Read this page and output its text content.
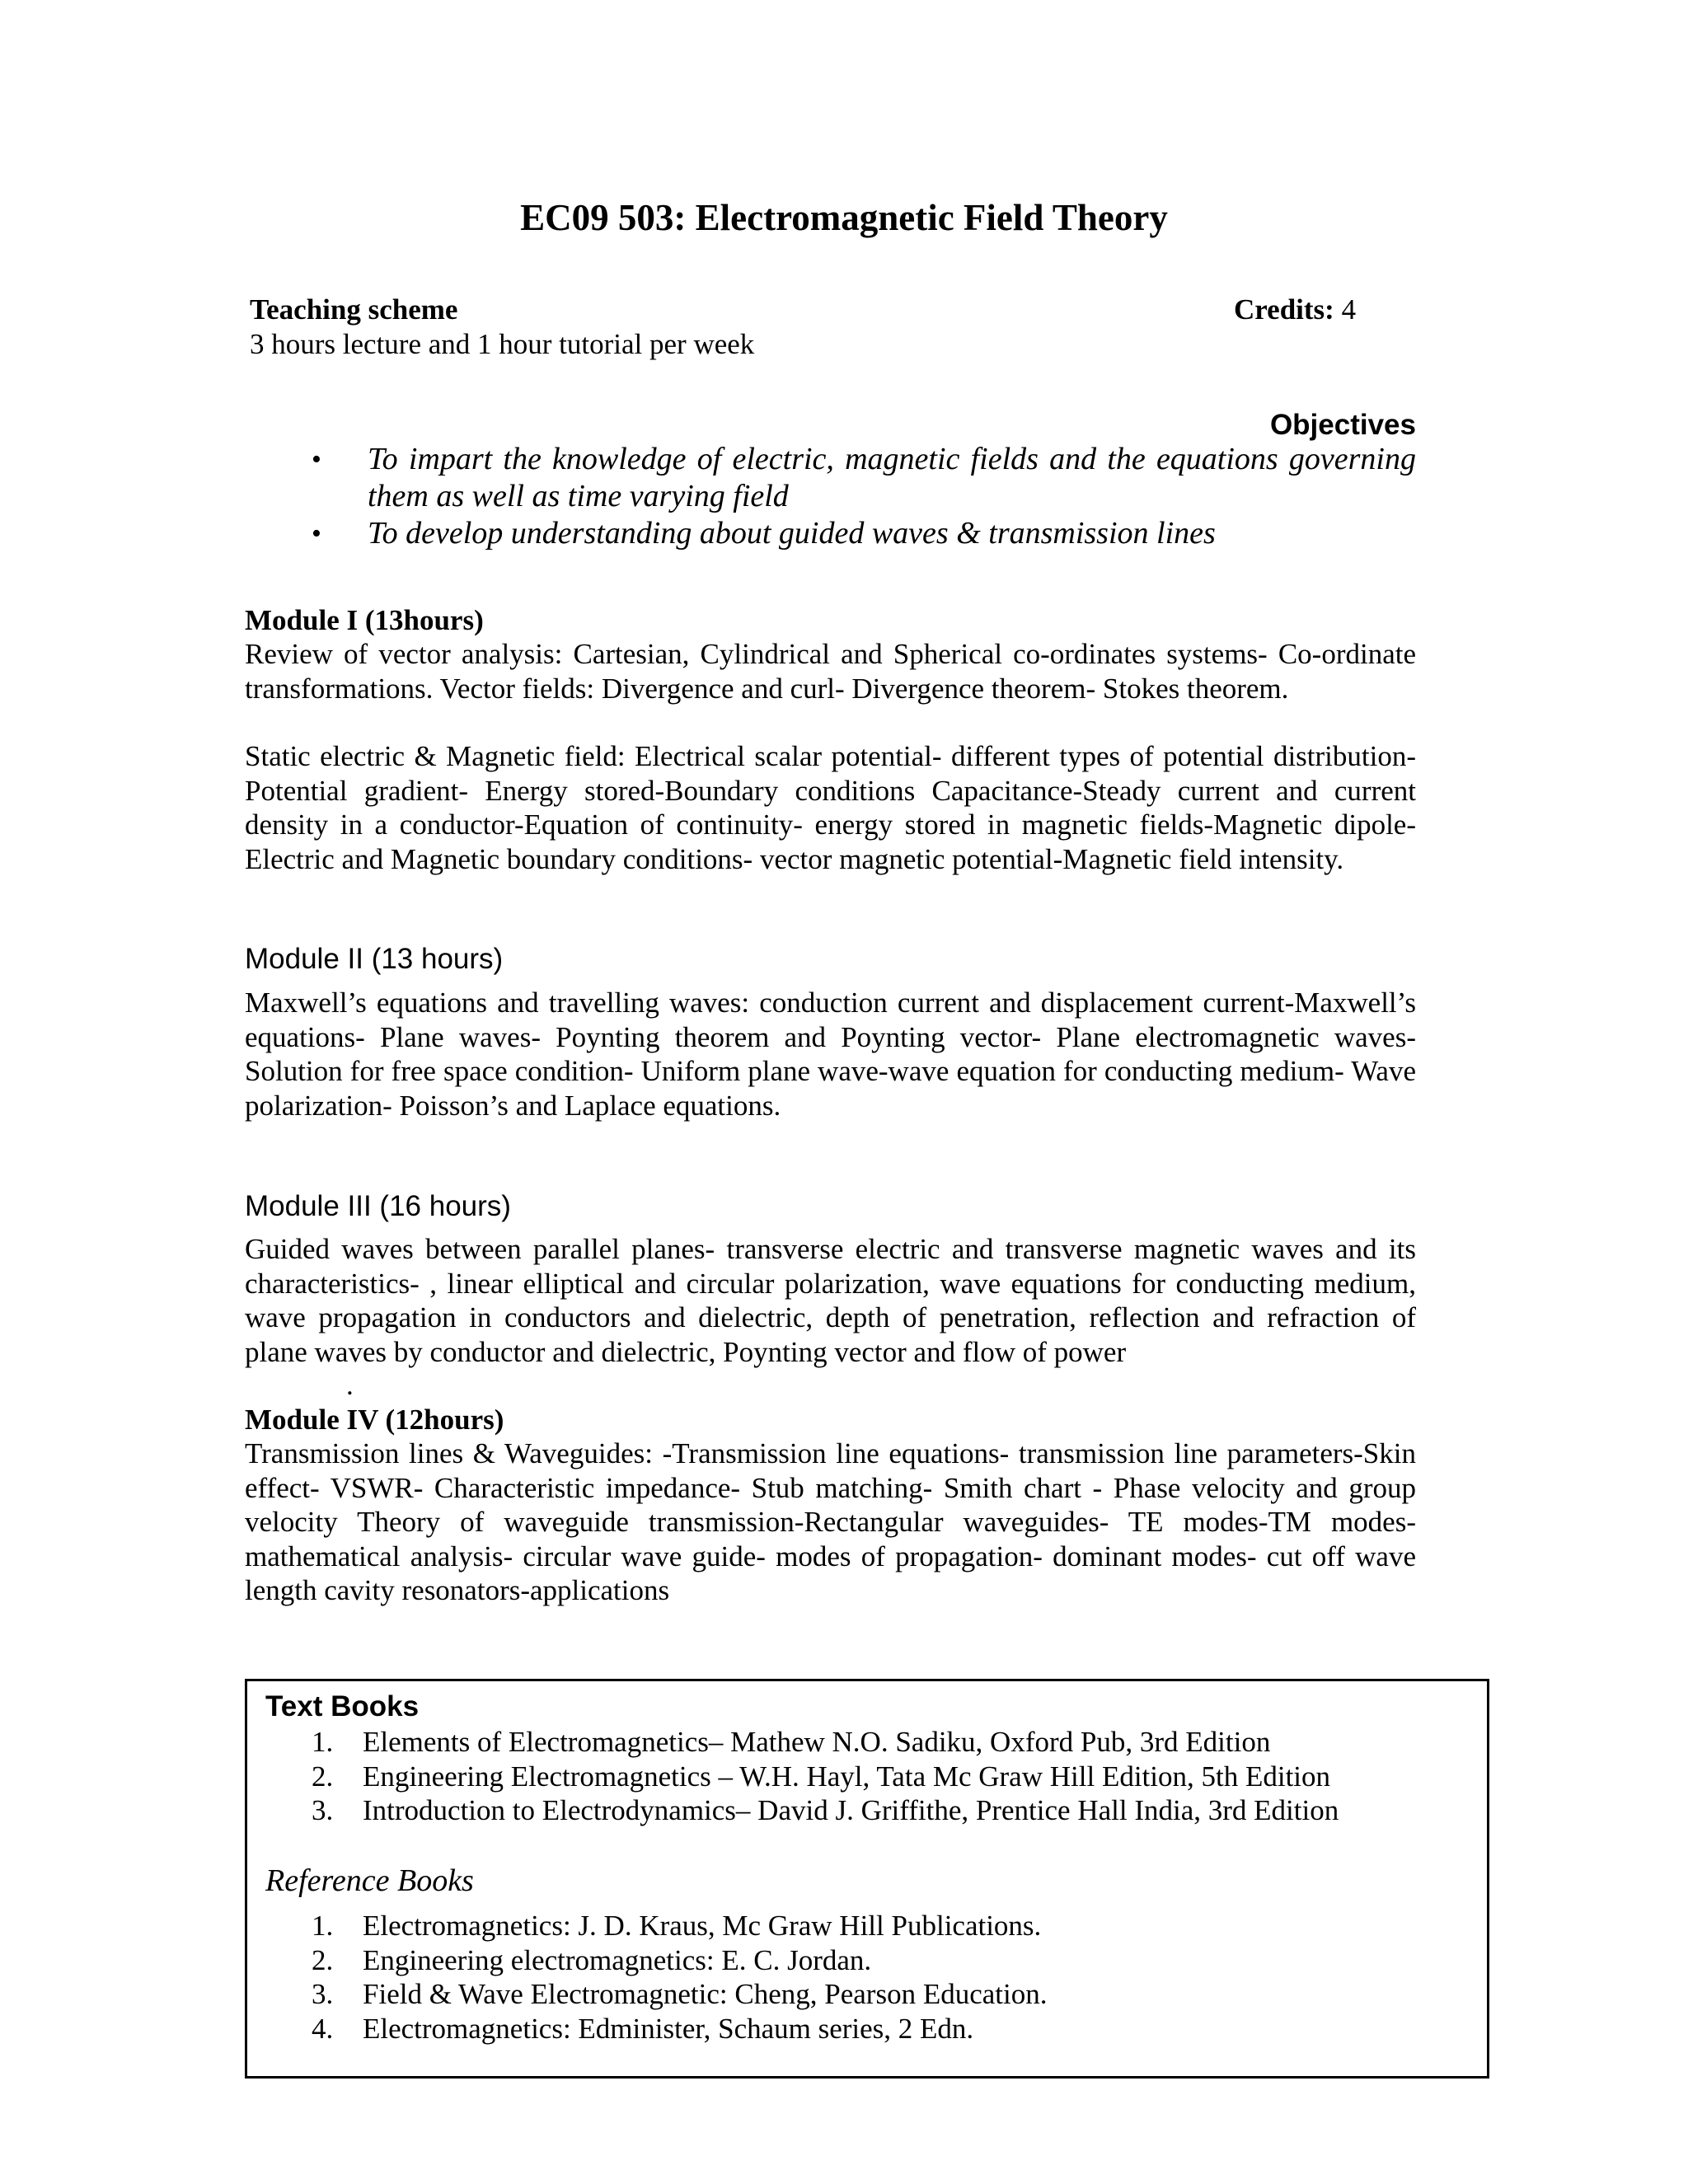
EC09 503: Electromagnetic Field Theory
Teaching scheme	Credits: 4
3 hours lecture and 1 hour tutorial per week
Objectives
• To impart the knowledge of electric, magnetic fields and the equations governing them as well as time varying field
• To develop understanding about guided waves & transmission lines
Module I (13hours)

Review of vector analysis: Cartesian, Cylindrical and Spherical co-ordinates systems- Co-ordinate transformations. Vector fields: Divergence and curl- Divergence theorem- Stokes theorem.

Static electric & Magnetic field: Electrical scalar potential- different types of potential distribution- Potential gradient- Energy stored-Boundary conditions Capacitance-Steady current and current density in a conductor-Equation of continuity- energy stored in magnetic fields-Magnetic dipole- Electric and Magnetic boundary conditions- vector magnetic potential-Magnetic field intensity.

Module II (13 hours)

Maxwell’s equations and travelling waves: conduction current and displacement current-Maxwell’s equations- Plane waves- Poynting theorem and Poynting vector- Plane electromagnetic waves- Solution for free space condition- Uniform plane wave-wave equation for conducting medium- Wave polarization- Poisson’s and Laplace equations.

Module III (16 hours)

Guided waves between parallel planes- transverse electric and transverse magnetic waves and its characteristics- , linear elliptical and circular polarization, wave equations for conducting medium, wave propagation in conductors and dielectric, depth of penetration, reflection and refraction of plane waves by conductor and dielectric, Poynting vector and flow of power

.
Module IV (12hours)

Transmission lines & Waveguides: -Transmission line equations- transmission line parameters-Skin effect- VSWR- Characteristic impedance- Stub matching- Smith chart - Phase velocity and group velocity Theory of waveguide transmission-Rectangular waveguides- TE modes-TM modes- mathematical analysis- circular wave guide- modes of propagation- dominant modes- cut off wave length cavity resonators-applications

Text Books
1. Elements of Electromagnetics– Mathew N.O. Sadiku, Oxford Pub, 3rd Edition
2. Engineering Electromagnetics – W.H. Hayl, Tata Mc Graw Hill Edition, 5th Edition
3. Introduction to Electrodynamics– David J. Griffithe, Prentice Hall India, 3rd Edition
Reference Books
1. Electromagnetics: J. D. Kraus, Mc Graw Hill Publications.
2. Engineering electromagnetics: E. C. Jordan.
3. Field & Wave Electromagnetic: Cheng, Pearson Education.
4. Electromagnetics: Edminister, Schaum series, 2 Edn.
